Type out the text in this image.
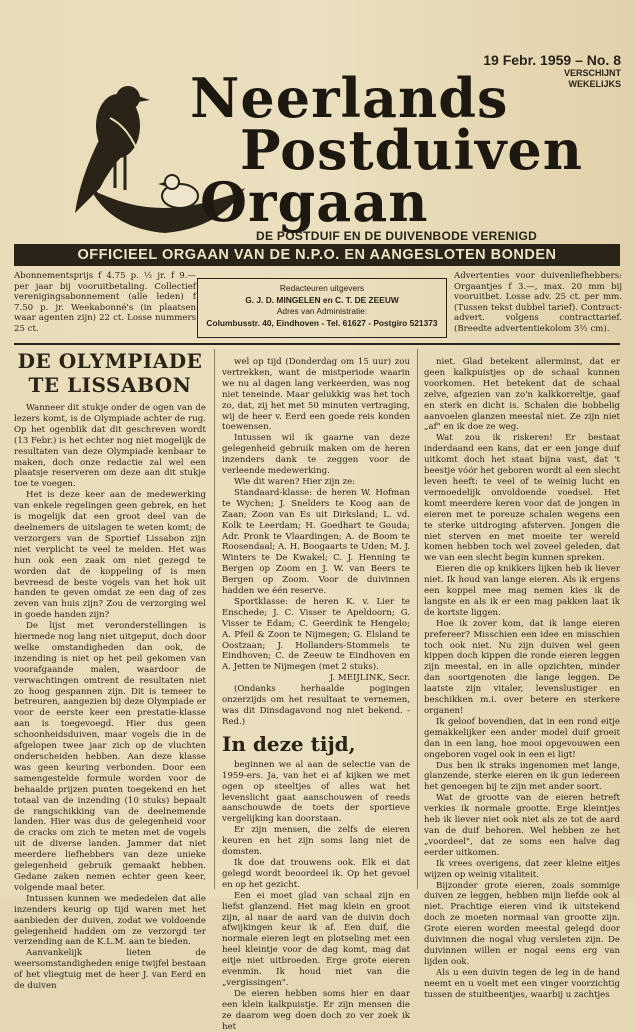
19 Febr. 1959 – No. 8
VERSCHIJNT WEKELIJKS
Neerlands
Postduiven
Orgaan
DE POSTDUIF EN DE DUIVENBODE VERENIGD
OFFICIEEL ORGAAN VAN DE N.P.O. EN AANGESLOTEN BONDEN
Abonnementsprijs f 4.75 p. ½ jr. f 9.— per jaar bij vooruitbetaling. Collectief verenigingsabonnement (alle leden) f 7.50 p. jr. Weekabonné's (in plaatsen waar agenten zijn) 22 ct. Losse nummers 25 ct.
Redacteuren uitgevers
G. J. D. MINGELEN en C. T. DE ZEEUW
Adres van Administratie:
Columbusstr. 40, Eindhoven - Tel. 61627 - Postgiro 521373
Advertenties voor duivenliefhebbers: Orgaantjes f 3.—, max. 20 mm bij vooruitbet. Losse adv. 25 ct. per mm. (Tussen tekst dubbel tarief). Contract-advert. volgens contracttarief. (Breedte advertentiekolom 3½ cm).
DE OLYMPIADE
TE LISSABON

Wanneer dit stukje onder de ogen van de lezers komt, is de Olympiade achter de rug. Op het ogenblik dat dit geschreven wordt (13 Febr.) is het echter nog niet mogelijk de resultaten van deze Olympiade kenbaar te maken, doch onze redactie zal wel een plaatsje reserveren om deze aan dit stukje toe te voegen.

Het is deze keer aan de medewerking van enkele regelingen geen gebrek, en het is mogelijk dat een groot deel van de deelnemers de uitslagen te weten komt; de verzorgers van de Sportief Lissabon zijn niet verplicht te veel te melden. Het was hun ook een zaak om niet gezegd te worden dat de koppeling of is men bevreesd de beste vogels van het hok uit handen te geven omdat ze een dag of zes zeven van huis zijn? Zou de verzorging wel in goede handen zijn?

De lijst met veronderstellingen is hiermede nog lang niet uitgeput, doch door welke omstandigheden dan ook, de inzending is niet op het peil gekomen van voorafgaande malen, waardoor de verwachtingen omtrent de resultaten niet zo hoog gespannen zijn. Dit is temeer te betreuren, aangezien bij deze Olympiade er voor de eerste keer een prestatie-klasse aan is toegevoegd. Hier dus geen schoonheidsduiven, maar vogels die in de afgelopen twee jaar zich op de vluchten onderscheiden hebben. Aan deze klasse was geen keuring verbonden. Door een samengestelde formule worden voor de behaalde prijzen punten toegekend en het totaal van de inzending (10 stuks) bepaalt de rangschikking van de deelnemende landen. Hier was dus de gelegenheid voor de cracks om zich te meten met de vogels uit de diverse landen. Jammer dat niet meerdere liefhebbers van deze unieke gelegenheid gebruik gemaakt hebben. Gedane zaken nemen echter geen keer, volgende maal beter.

Intussen kunnen we mededelen dat alle inzenders keurig op tijd waren met het aanbieden der duiven, zodat we voldoende gelegenheid hadden om ze verzorgd ter verzending aan de K.L.M. aan te bieden.

Aanvankelijk lieten de weersomstandigheden enige twijfel bestaan of het vliegtuig met de heer J. van Eerd en de duiven

wel op tijd (Donderdag om 15 uur) zou vertrekken, want de mistperiode waarin we nu al dagen lang verkeerden, was nog niet teneinde. Maar gelukkig was het toch zo, dat, zij het met 50 minuten vertraging, wij de heer v. Eerd een goede reis konden toewensen.

Intussen wil ik gaarne van deze gelegenheid gebruik maken om de heren inzenders dank te zeggen voor de verleende medewerking.

Wie dit waren? Hier zijn ze:

Standaard-klasse: de heren W. Hofman te Wychen; J. Snelders te Koog aan de Zaan; Zoon van Es uit Dirksland; L. vd. Kolk te Leerdam; H. Goedhart te Gouda; Adr. Pronk te Vlaardingen; A. de Boom te Roosendaal; A. H. Boogaarts te Uden; M. J. Winters te De Kwakel; C. J. Henning te Bergen op Zoom en J. W. van Beers te Bergen op Zoom. Voor de duivinnen hadden we één reserve.

Sportklasse: de heren K. v. Lier te Enschede; J. C. Visser te Apeldoorn; G. Visser te Edam; C. Geerdink te Hengelo; A. Pfeil & Zoon te Nijmegen; G. Elsland te Oostzaan; J. Hollanders-Stommels te Eindhoven; C. de Zeeuw te Eindhoven en A. Jetten te Nijmegen (met 2 stuks).

J. MEIJLINK, Secr.

(Ondanks herhaalde pogingen onzerzijds om het resultaat te vernemen, was dit Dinsdagavond nog niet bekend. - Red.)

In deze tijd,

beginnen we al aan de selectie van de 1959-ers. Ja, van het ei af kijken we met ogen op steeltjes of alles wat het levenslicht gaat aanschouwen of reeds aanschouwde de toets der sportieve vergelijking kan doorstaan.

Er zijn mensen, die zelfs de eieren keuren en het zijn soms lang niet de domsten.

Ik doe dat trouwens ook. Elk ei dat gelegd wordt beoordeel ik. Op het gevoel en op het gezicht.

Een ei moet glad van schaal zijn en liefst glanzend. Het mag klein en groot zijn, al naar de aard van de duivin doch afwijkingen keur ik af. Een duif, die normale eieren legt en plotseling met een heel kleintje voor de dag komt, mag dat eitje niet uitbroeden. Erge grote eieren evenmin. Ik houd niet van die „vergissingen".

De eieren hebben soms hier en daar een klein kalkpuistje. Er zijn mensen die ze daarom weg doen doch zo ver zoek ik het

niet. Glad betekent allerminst, dat er geen kalkpuistjes op de schaal kunnen voorkomen. Het betekent dat de schaal zelve, afgezien van zo'n kalkkorreltje, gaaf en sterk en dicht is. Schalen die bobbelig aanvoelen glanzen meestal niet. Ze zijn niet „af" en ik doe ze weg.

Wat zou ik riskeren! Er bestaat inderdaand een kans, dat er een jonge duif uitkomt doch het staat bijna vast, dat 't beestje vóór het geboren wordt al een slecht leven heeft: te veel of te weinig lucht en vermoedelijk onvoldoende voedsel. Het komt meerdere keren voor dat de jongen in eieren met te poreuze schalen wegens een te sterke uitdroging afsterven. Jongen die niet sterven en met moeite ter wereld komen hebben toch wel zoveel geleden, dat we van een slecht begin kunnen spreken.

Eieren die op knikkers lijken heb ik liever niet. Ik houd van lange eieren. Als ik ergens een koppel mee mag nemen kies ik de langste en als ik er een mag pakken laat ik de kortste liggen.

Hoe ik zover kom, dat ik lange eieren prefereer? Misschien een idee en misschien toch ook niet. Nu zijn duiven wel geen kippen doch kippen die ronde eieren leggen zijn meestal, en in alle opzichten, minder dan soortgenoten die lange leggen. De laatste zijn vitaler, levenslustiger en beschikken m.i. over betere en sterkere organen!

Ik geloof bovendien, dat in een rond eitje gemakkelijker een ander model duif groeit dan in een lang, hoe mooi opgevouwen een ongeboren vogel ook in een ei ligt!

Dus ben ik straks ingenomen met lange, glanzende, sterke eieren en ik gun iedereen het genoegen bij te zijn met ander soort.

Wat de grootte van de eieren betreft verkies ik normale grootte. Erge kleintjes heb ik liever niet ook niet als ze tot de aard van de duif behoren. Wel hebben ze het „voordeel", dat ze soms een halve dag eerder uitkomen.

Ik vrees overigens, dat zeer kleine eitjes wijzen op weinig vitaliteit.

Bijzonder grote eieren, zoals sommige duiven ze leggen, hebben mijn liefde ook al niet. Prachtige eieren vind ik uitstekend doch ze moeten normaal van grootte zijn. Grote eieren worden meestal gelegd door duivinnen die nogal vlug versleten zijn. De duivinnen willen er nogal eens erg van lijden ook.

Als u een duivin tegen de leg in de hand neemt en u voelt met een vinger voorzichtig tussen de stuitbeentjes, waarbij u zachtjes
